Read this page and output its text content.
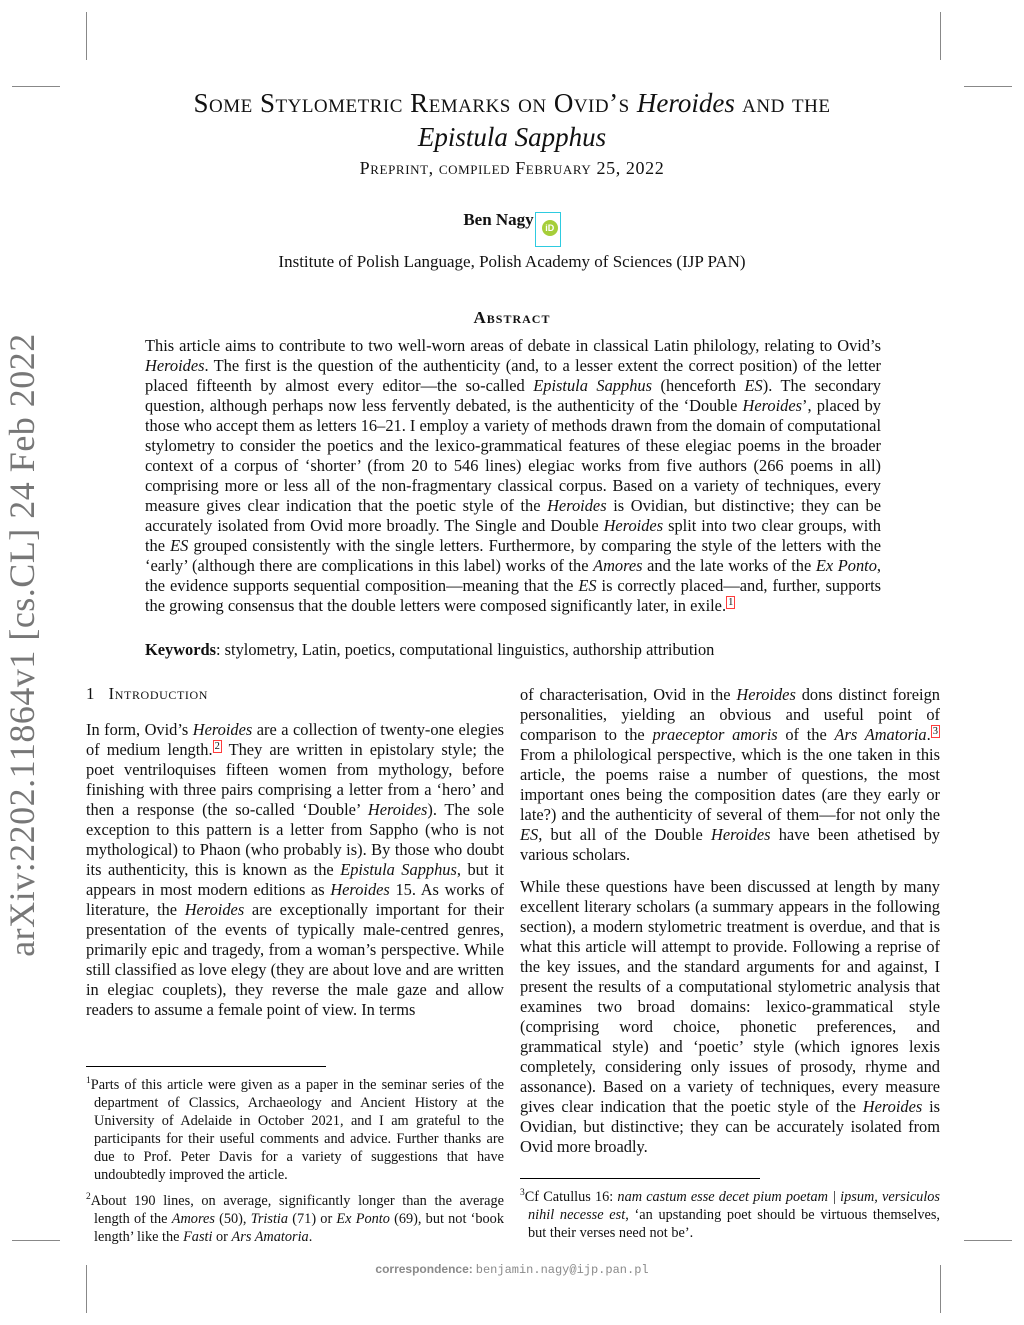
arXiv:2202.11864v1 [cs.CL] 24 Feb 2022
Some Stylometric Remarks on Ovid’s Heroides and the
Epistula Sapphus
Preprint, compiled February 25, 2022
Ben Nagy iD
Institute of Polish Language, Polish Academy of Sciences (IJP PAN)
Abstract

This article aims to contribute to two well-worn areas of debate in classical Latin philology, relating to Ovid’s Heroides. The first is the question of the authenticity (and, to a lesser extent the correct position) of the letter placed fifteenth by almost every editor—the so-called Epistula Sapphus (henceforth ES). The secondary question, although perhaps now less fervently debated, is the authenticity of the ‘Double Heroides’, placed by those who accept them as letters 16–21. I employ a variety of methods drawn from the domain of computational stylometry to consider the poetics and the lexico-grammatical features of these elegiac poems in the broader context of a corpus of ‘shorter’ (from 20 to 546 lines) elegiac works from five authors (266 poems in all) comprising more or less all of the non-fragmentary classical corpus. Based on a variety of techniques, every measure gives clear indication that the poetic style of the Heroides is Ovidian, but distinctive; they can be accurately isolated from Ovid more broadly. The Single and Double Heroides split into two clear groups, with the ES grouped consistently with the single letters. Furthermore, by comparing the style of the letters with the ‘early’ (although there are complications in this label) works of the Amores and the late works of the Ex Ponto, the evidence supports sequential composition—meaning that the ES is correctly placed—and, further, supports the growing consensus that the double letters were composed significantly later, in exile. $^1$

Keywords: stylometry, Latin, poetics, computational linguistics, authorship attribution
1 Introduction

In form, Ovid’s Heroides are a collection of twenty-one elegies of medium length. $^2$ They are written in epistolary style; the poet ventriloquises fifteen women from mythology, before finishing with three pairs comprising a letter from a ‘hero’ and then a response (the so-called ‘Double’ Heroides). The sole exception to this pattern is a letter from Sappho (who is not mythological) to Phaon (who probably is). By those who doubt its authenticity, this is known as the Epistula Sapphus, but it appears in most modern editions as Heroides 15. As works of literature, the Heroides are exceptionally important for their presentation of the events of typically male-centred genres, primarily epic and tragedy, from a woman’s perspective. While still classified as love elegy (they are about love and are written in elegiac couplets), they reverse the male gaze and allow readers to assume a female point of view. In terms

$^1$Parts of this article were given as a paper in the seminar series of the department of Classics, Archaeology and Ancient History at the University of Adelaide in October 2021, and I am grateful to the participants for their useful comments and advice. Further thanks are due to Prof. Peter Davis for a variety of suggestions that have undoubtedly improved the article.

$^2$About 190 lines, on average, significantly longer than the average length of the Amores (50), Tristia (71) or Ex Ponto (69), but not ‘book length’ like the Fasti or Ars Amatoria.

of characterisation, Ovid in the Heroides dons distinct foreign personalities, yielding an obvious and useful point of comparison to the praeceptor amoris of the Ars Amatoria. $^3$ From a philological perspective, which is the one taken in this article, the poems raise a number of questions, the most important ones being the composition dates (are they early or late?) and the authenticity of several of them—for not only the ES, but all of the Double Heroides have been athetised by various scholars.

While these questions have been discussed at length by many excellent literary scholars (a summary appears in the following section), a modern stylometric treatment is overdue, and that is what this article will attempt to provide. Following a reprise of the key issues, and the standard arguments for and against, I present the results of a computational stylometric analysis that examines two broad domains: lexico-grammatical style (comprising word choice, phonetic preferences, and grammatical style) and ‘poetic’ style (which ignores lexis completely, considering only issues of prosody, rhyme and assonance). Based on a variety of techniques, every measure gives clear indication that the poetic style of the Heroides is Ovidian, but distinctive; they can be accurately isolated from Ovid more broadly.

$^3$Cf Catullus 16: nam castum esse decet pium poetam | ipsum, versiculos nihil necesse est, ‘an upstanding poet should be virtuous themselves, but their verses need not be’.

correspondence: benjamin.nagy@ijp.pan.pl
